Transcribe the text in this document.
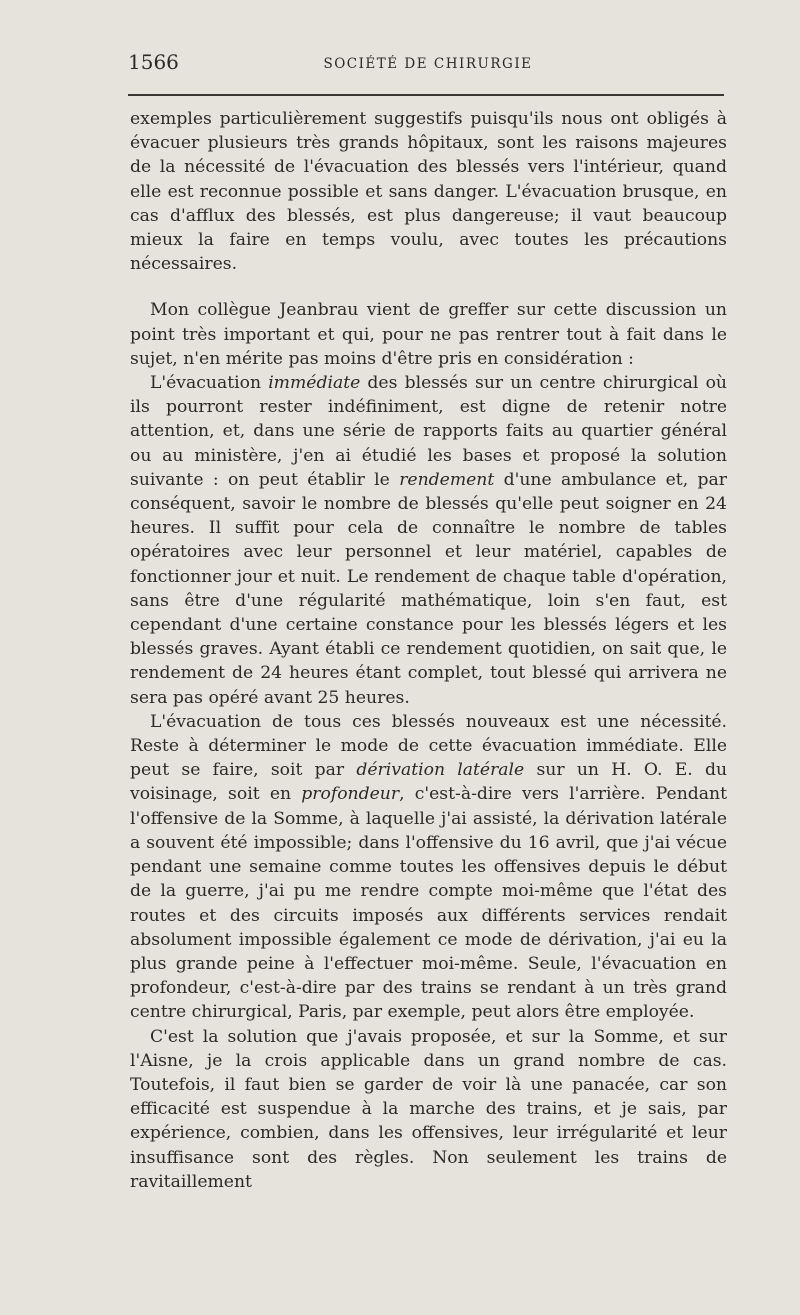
1566	SOCIÉTÉ DE CHIRURGIE

exemples particulièrement suggestifs puisqu'ils nous ont obligés à évacuer plusieurs très grands hôpitaux, sont les raisons majeures de la nécessité de l'évacuation des blessés vers l'intérieur, quand elle est reconnue possible et sans danger. L'évacuation brusque, en cas d'afflux des blessés, est plus dangereuse; il vaut beaucoup mieux la faire en temps voulu, avec toutes les précautions nécessaires.

Mon collègue Jeanbrau vient de greffer sur cette discussion un point très important et qui, pour ne pas rentrer tout à fait dans le sujet, n'en mérite pas moins d'être pris en considération :

L'évacuation immédiate des blessés sur un centre chirurgical où ils pourront rester indéfiniment, est digne de retenir notre attention, et, dans une série de rapports faits au quartier général ou au ministère, j'en ai étudié les bases et proposé la solution suivante : on peut établir le rendement d'une ambulance et, par conséquent, savoir le nombre de blessés qu'elle peut soigner en 24 heures. Il suffit pour cela de connaître le nombre de tables opératoires avec leur personnel et leur matériel, capables de fonctionner jour et nuit. Le rendement de chaque table d'opération, sans être d'une régularité mathématique, loin s'en faut, est cependant d'une certaine constance pour les blessés légers et les blessés graves. Ayant établi ce rendement quotidien, on sait que, le rendement de 24 heures étant complet, tout blessé qui arrivera ne sera pas opéré avant 25 heures.

L'évacuation de tous ces blessés nouveaux est une nécessité. Reste à déterminer le mode de cette évacuation immédiate. Elle peut se faire, soit par dérivation latérale sur un H. O. E. du voisinage, soit en profondeur, c'est-à-dire vers l'arrière. Pendant l'offensive de la Somme, à laquelle j'ai assisté, la dérivation latérale a souvent été impossible; dans l'offensive du 16 avril, que j'ai vécue pendant une semaine comme toutes les offensives depuis le début de la guerre, j'ai pu me rendre compte moi-même que l'état des routes et des circuits imposés aux différents services rendait absolument impossible également ce mode de dérivation, j'ai eu la plus grande peine à l'effectuer moi-même. Seule, l'évacuation en profondeur, c'est-à-dire par des trains se rendant à un très grand centre chirurgical, Paris, par exemple, peut alors être employée.

C'est la solution que j'avais proposée, et sur la Somme, et sur l'Aisne, je la crois applicable dans un grand nombre de cas. Toutefois, il faut bien se garder de voir là une panacée, car son efficacité est suspendue à la marche des trains, et je sais, par expérience, combien, dans les offensives, leur irrégularité et leur insuffisance sont des règles. Non seulement les trains de ravitaillement
